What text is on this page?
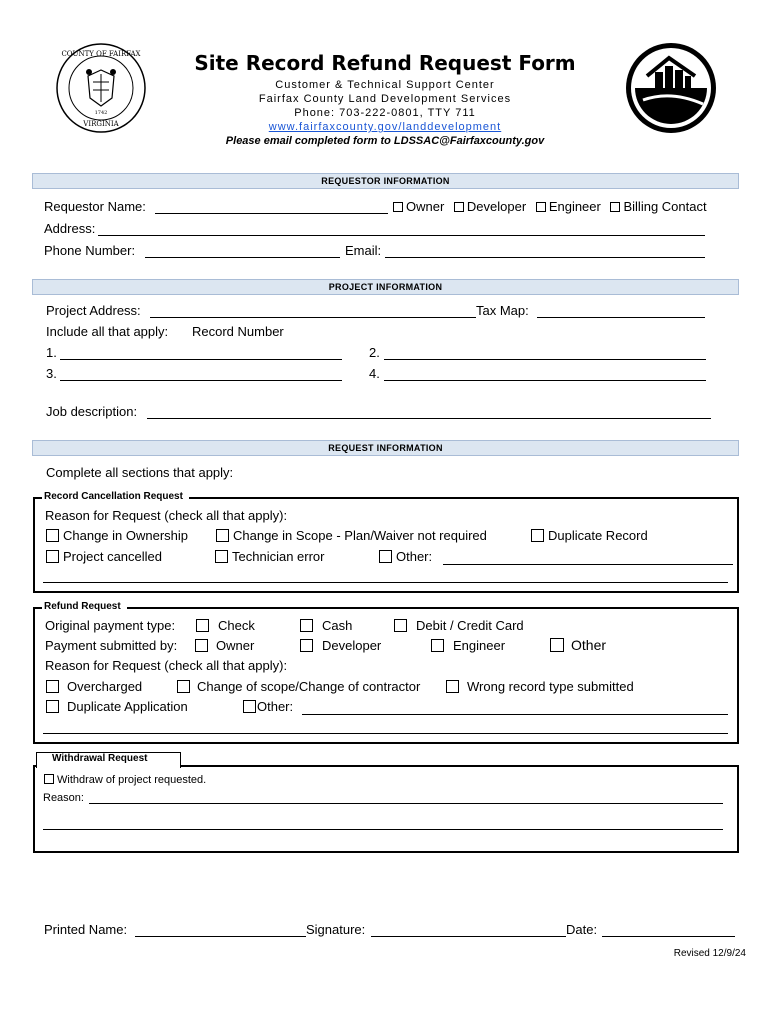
COUNTY OF FAIRFAX
VIRGINIA
1742
Site Record Refund Request Form
Customer & Technical Support Center
Fairfax County Land Development Services
Phone: 703-222-0801, TTY 711
www.fairfaxcounty.gov/landdevelopment
Please email completed form to LDSSAC@Fairfaxcounty.gov
REQUESTOR INFORMATION
Requestor Name:	Owner Developer Engineer Billing Contact
Address:
Phone Number:	Email:
PROJECT INFORMATION
Project Address:	Tax Map:
Include all that apply: Record Number
1.	2.
3.	4.
Job description:
REQUEST INFORMATION
Complete all sections that apply:
Record Cancellation Request
Reason for Request (check all that apply):
Change in Ownership	Change in Scope - Plan/Waiver not required	Duplicate Record
Project cancelled	Technician error	Other:
Refund Request
Original payment type:	Check	Cash	Debit / Credit Card
Payment submitted by:	Owner	Developer	Engineer	Other
Reason for Request (check all that apply):
Overcharged	Change of scope/Change of contractor	Wrong record type submitted
Duplicate Application	Other:
Withdrawal Request
Withdraw of project requested.
Reason:
Printed Name:	Signature:	Date:
Revised 12/9/24
